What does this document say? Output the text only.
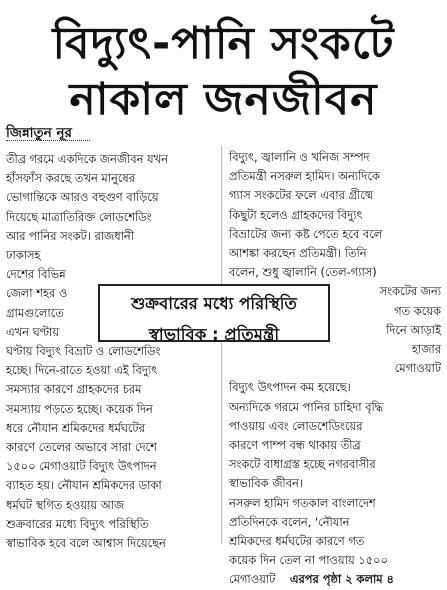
বিদ্যুৎ-পানি সংকটে
নাকাল জনজীবন
জিন্নাতুন নূর
তীব্র গরমে একদিকে জনজীবন যখন
হাঁসফাঁস করছে তখন মানুষের
ভোগান্তিকে আরও বহুগুণ বাড়িয়ে
দিয়েছে মাত্রাতিরিক্ত লোডশেডিং
আর পানির সংকট। রাজধানী
ঢাকাসহ
দেশের বিভিন্ন
জেলা শহর ও
গ্রামগুলোতে
এখন ঘণ্টায়
ঘণ্টায় বিদ্যুৎ বিভ্রাট ও লোডশেডিং
হচ্ছে। দিনে-রাতে হওয়া এই বিদ্যুৎ
সমস্যার কারণে গ্রাহকদের চরম
সমস্যায় পড়তে হচ্ছে। কয়েক দিন
ধরে নৌযান শ্রমিকদের ধর্মঘটের
কারণে তেলের অভাবে সারা দেশে
১৫০০ মেগাওয়াট বিদ্যুৎ উৎপাদন
ব্যাহত হয়। নৌযান শ্রমিকদের ডাকা
ধর্মঘট স্থগিত হওয়ায় আজ
শুক্রবারের মধ্যে বিদ্যুৎ পরিস্থিতি
স্বাভাবিক হবে বলে আশ্বাস দিয়েছেন
বিদ্যুৎ, জ্বালানি ও খনিজ সম্পদ
প্রতিমন্ত্রী নসরুল হামিদ। অন্যদিকে
গ্যাস সংকটের ফলে এবার গ্রীষ্মে
কিছুটা হলেও গ্রাহকদের বিদ্যুৎ
বিভ্রাটের জন্য কষ্ট পেতে হবে বলে
আশঙ্কা করছেন প্রতিমন্ত্রী। তিনি
বলেন, শুধু জ্বালানি (তেল-গ্যাস)
সংকটের জন্য
গত কয়েক
দিনে আড়াই
হাজার
মেগাওয়াট
বিদ্যুৎ উৎপাদন কম হয়েছে।
অন্যদিকে গরমে পানির চাহিদা বৃদ্ধি
পাওয়ায় এবং লোডশেডিংয়ের
কারণে পাম্প বন্ধ থাকায় তীব্র
সংকটে বাধাগ্রস্ত হচ্ছে নগরবাসীর
স্বাভাবিক জীবন।
নসরুল হামিদ গতকাল বাংলাদেশ
প্রতিদিনকে বলেন, 'নৌযান
শ্রমিকদের ধর্মঘটের কারণে গত
কয়েক দিন তেল না পাওয়ায় ১৫০০
মেগাওয়াট এরপর পৃষ্ঠা ২ কলাম ৪
শুক্রবারের মধ্যে পরিস্থিতি
স্বাভাবিক : প্রতিমন্ত্রী
